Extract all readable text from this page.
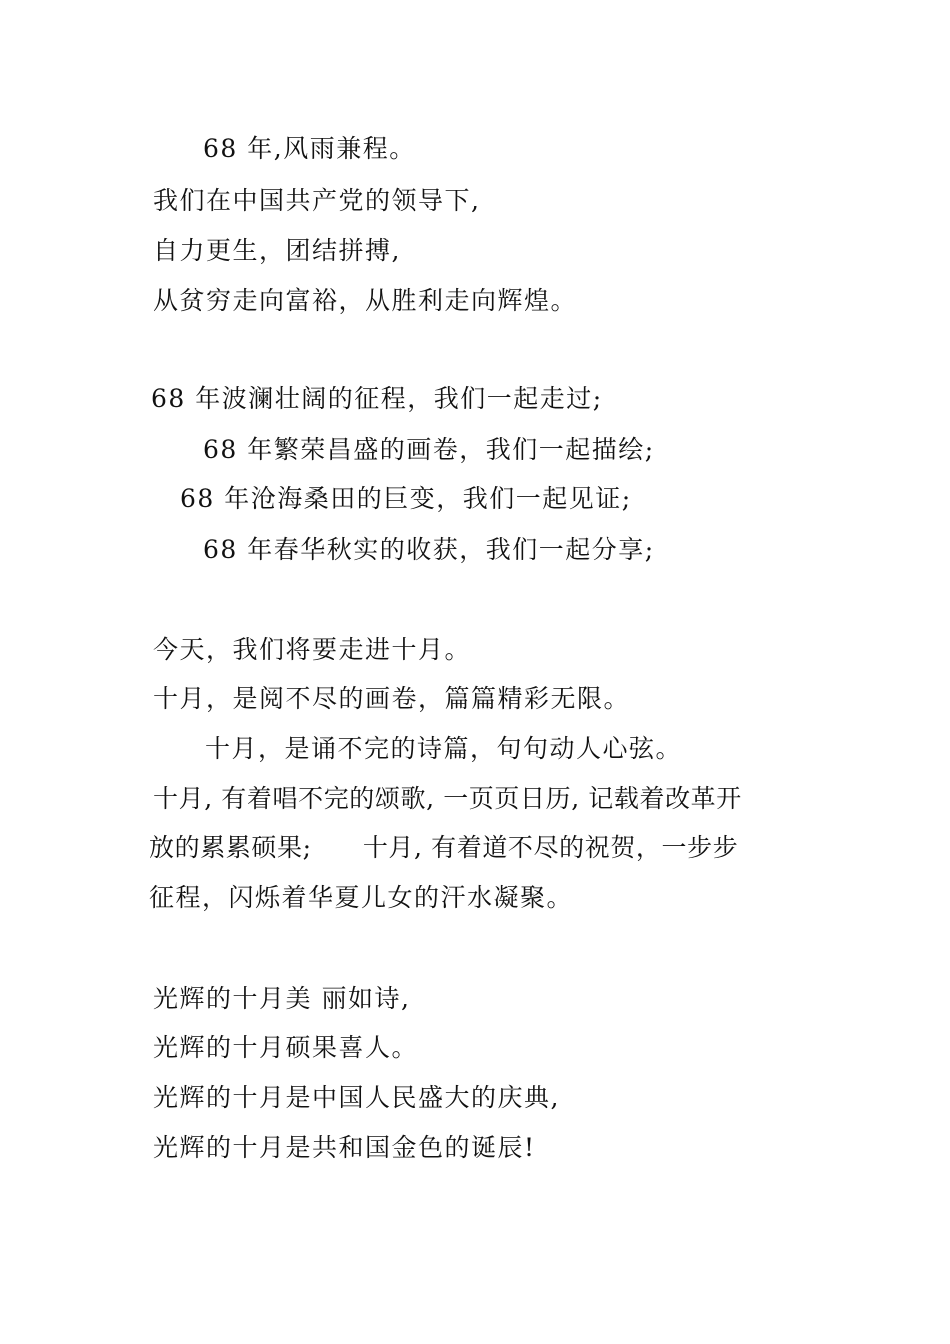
68 年,风雨兼程。
我们在中国共产党的领导下,
自力更生，团结拼搏,
从贫穷走向富裕，从胜利走向辉煌。
68 年波澜壮阔的征程，我们一起走过;
68 年繁荣昌盛的画卷，我们一起描绘;
68 年沧海桑田的巨变，我们一起见证;
68 年春华秋实的收获，我们一起分享;
今天，我们将要走进十月。
十月，是阅不尽的画卷，篇篇精彩无限。
十月，是诵不完的诗篇，句句动人心弦。
十月, 有着唱不完的颂歌, 一页页日历, 记载着改革开
放的累累硕果;　　十月, 有着道不尽的祝贺，一步步
征程，闪烁着华夏儿女的汗水凝聚。
光辉的十月美 丽如诗,
光辉的十月硕果喜人。
光辉的十月是中国人民盛大的庆典,
光辉的十月是共和国金色的诞辰!
